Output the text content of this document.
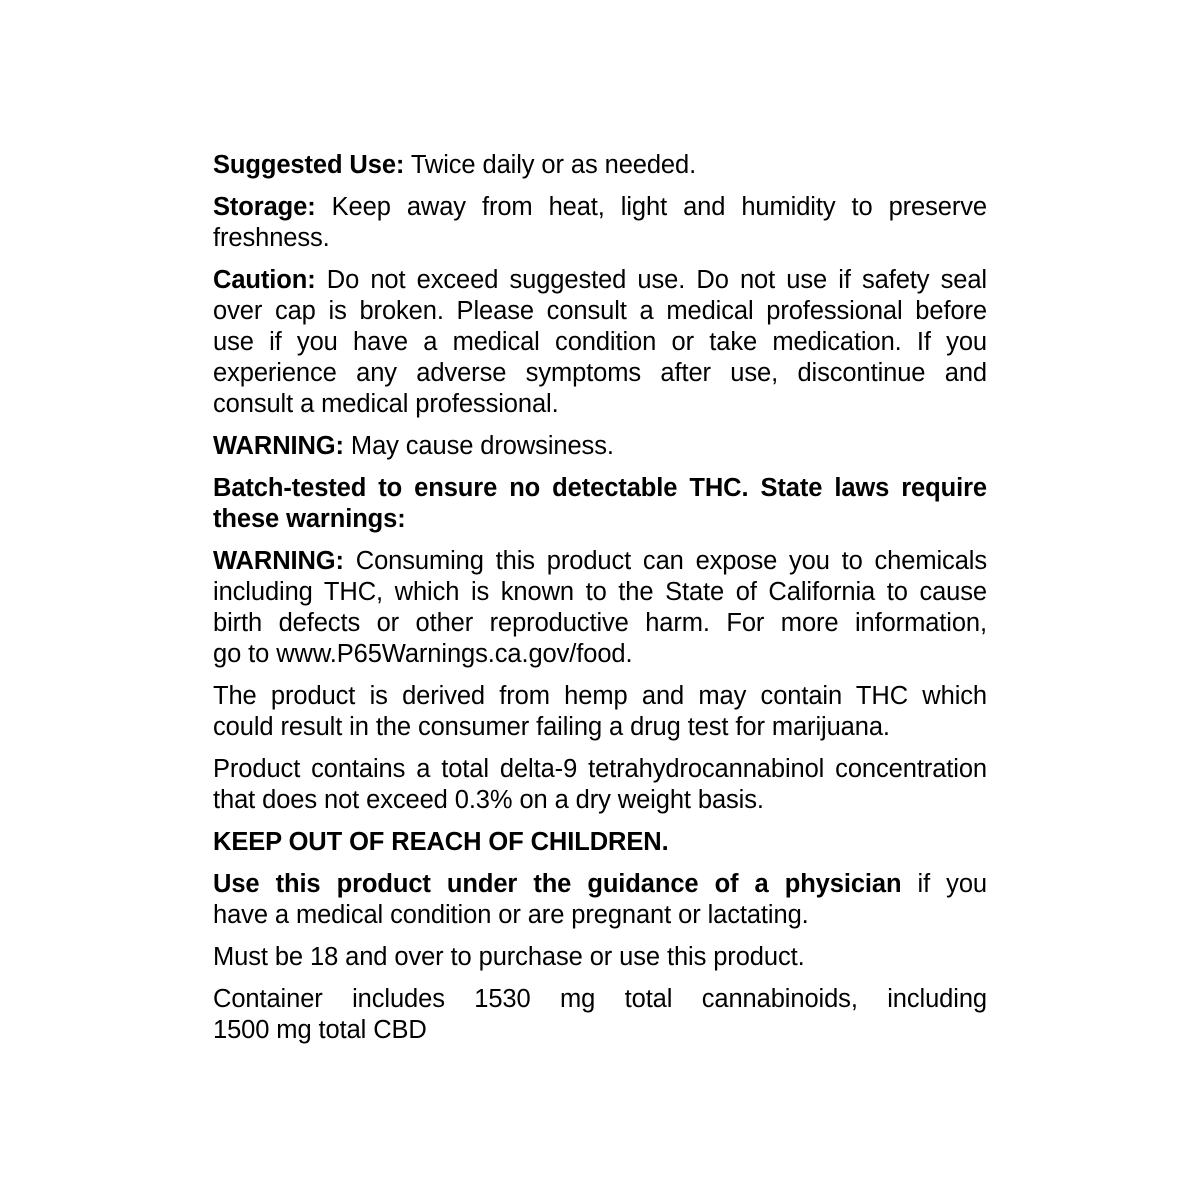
Suggested Use: Twice daily or as needed.
Storage: Keep away from heat, light and humidity to preserve
freshness.
Caution: Do not exceed suggested use. Do not use if safety seal
over cap is broken. Please consult a medical professional before
use if you have a medical condition or take medication. If you
experience any adverse symptoms after use, discontinue and
consult a medical professional.
WARNING: May cause drowsiness.
Batch-tested to ensure no detectable THC. State laws require
these warnings:
WARNING: Consuming this product can expose you to chemicals
including THC, which is known to the State of California to cause
birth defects or other reproductive harm. For more information,
go to www.P65Warnings.ca.gov/food.
The product is derived from hemp and may contain THC which
could result in the consumer failing a drug test for marijuana.
Product contains a total delta-9 tetrahydrocannabinol concentration
that does not exceed 0.3% on a dry weight basis.
KEEP OUT OF REACH OF CHILDREN.
Use this product under the guidance of a physician if you
have a medical condition or are pregnant or lactating.
Must be 18 and over to purchase or use this product.
Container includes 1530 mg total cannabinoids, including
1500 mg total CBD
